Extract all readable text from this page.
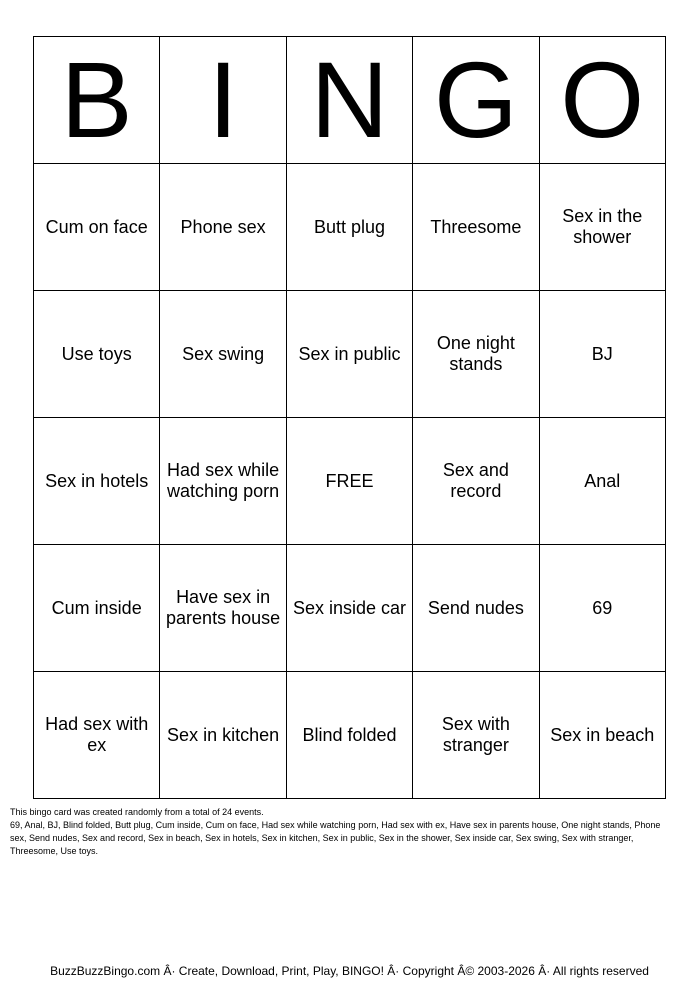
B	I	N	G	O
Cum on face	Phone sex	Butt plug	Threesome	Sex in the shower
Use toys	Sex swing	Sex in public	One night stands	BJ
Sex in hotels	Had sex while watching porn	FREE	Sex and record	Anal
Cum inside	Have sex in parents house	Sex inside car	Send nudes	69
Had sex with ex	Sex in kitchen	Blind folded	Sex with stranger	Sex in beach

This bingo card was created randomly from a total of 24 events.

69, Anal, BJ, Blind folded, Butt plug, Cum inside, Cum on face, Had sex while watching porn, Had sex with ex, Have sex in parents house, One night stands, Phone sex, Send nudes, Sex and record, Sex in beach, Sex in hotels, Sex in kitchen, Sex in public, Sex in the shower, Sex inside car, Sex swing, Sex with stranger, Threesome, Use toys.

BuzzBuzzBingo.com Â· Create, Download, Print, Play, BINGO! Â· Copyright Â© 2003-2026 Â· All rights reserved
